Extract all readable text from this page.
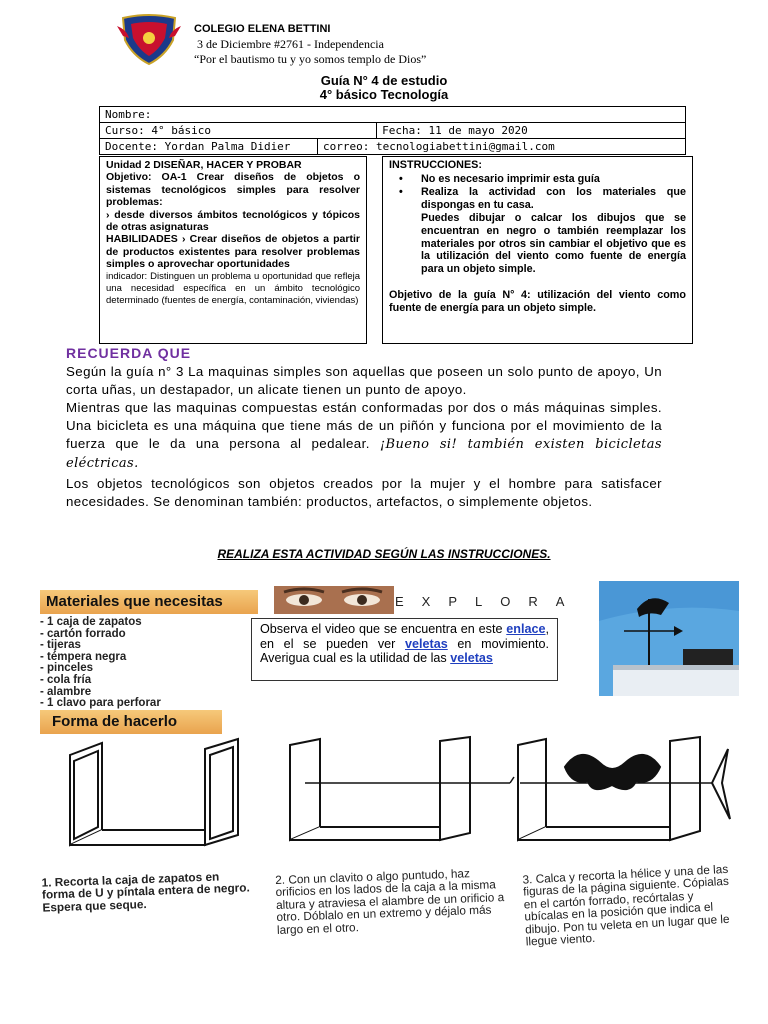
COLEGIO ELENA BETTINI
3 de Diciembre #2761 - Independencia
“Por el bautismo tu y yo somos templo de Dios”
Guía N° 4 de estudio
4° básico Tecnología
Nombre:		
Curso: 4° básico		Fecha: 11 de mayo 2020
Docente: Yordan Palma Didier	correo: tecnologiabettini@gmail.com	
Unidad 2 DISEÑAR, HACER Y PROBAR
Objetivo: OA-1 Crear diseños de objetos o sistemas tecnológicos simples para resolver problemas:
› desde diversos ámbitos tecnológicos y tópicos de otras asignaturas
HABILIDADES › Crear diseños de objetos a partir de productos existentes para resolver problemas simples o aprovechar oportunidades
indicador: Distinguen un problema u oportunidad que refleja una necesidad específica en un ámbito tecnológico determinado (fuentes de energía, contaminación, viviendas)
INSTRUCCIONES:
• No es necesario imprimir esta guía
• Realiza la actividad con los materiales que dispongas en tu casa.
Puedes dibujar o calcar los dibujos que se encuentran en negro o también reemplazar los materiales por otros sin cambiar el objetivo que es la utilización del viento como fuente de energía para un objeto simple.
Objetivo de la guía N° 4: utilización del viento como fuente de energía para un objeto simple.
RECUERDA QUE

Según la guía n° 3 La maquinas simples son aquellas que poseen un solo punto de apoyo, Un corta uñas, un destapador, un alicate tienen un punto de apoyo.

Mientras que las maquinas compuestas están conformadas por dos o más máquinas simples. Una bicicleta es una máquina que tiene más de un piñón y funciona por el movimiento de la fuerza que le da una persona al pedalear. ¡Bueno si! también existen bicicletas eléctricas.

Los objetos tecnológicos son objetos creados por la mujer y el hombre para satisfacer necesidades. Se denominan también: productos, artefactos, o simplemente objetos.

REALIZA ESTA ACTIVIDAD SEGÚN LAS INSTRUCCIONES.
Materiales que necesitas
- 1 caja de zapatos
- cartón forrado
- tijeras
- témpera negra
- pinceles
- cola fría
- alambre
- 1 clavo para perforar
EXPLORA
Observa el video que se encuentra en este enlace, en el se pueden ver veletas en movimiento. Averigua cual es la utilidad de las veletas
Forma de hacerlo
1. Recorta la caja de zapatos en forma de U y píntala entera de negro. Espera que seque.
2. Con un clavito o algo puntudo, haz orificios en los lados de la caja a la misma altura y atraviesa el alambre de un orificio a otro. Dóblalo en un extremo y déjalo más largo en el otro.
3. Calca y recorta la hélice y una de las figuras de la página siguiente. Cópialas en el cartón forrado, recórtalas y ubícalas en la posición que indica el dibujo. Pon tu veleta en un lugar que le llegue viento.
